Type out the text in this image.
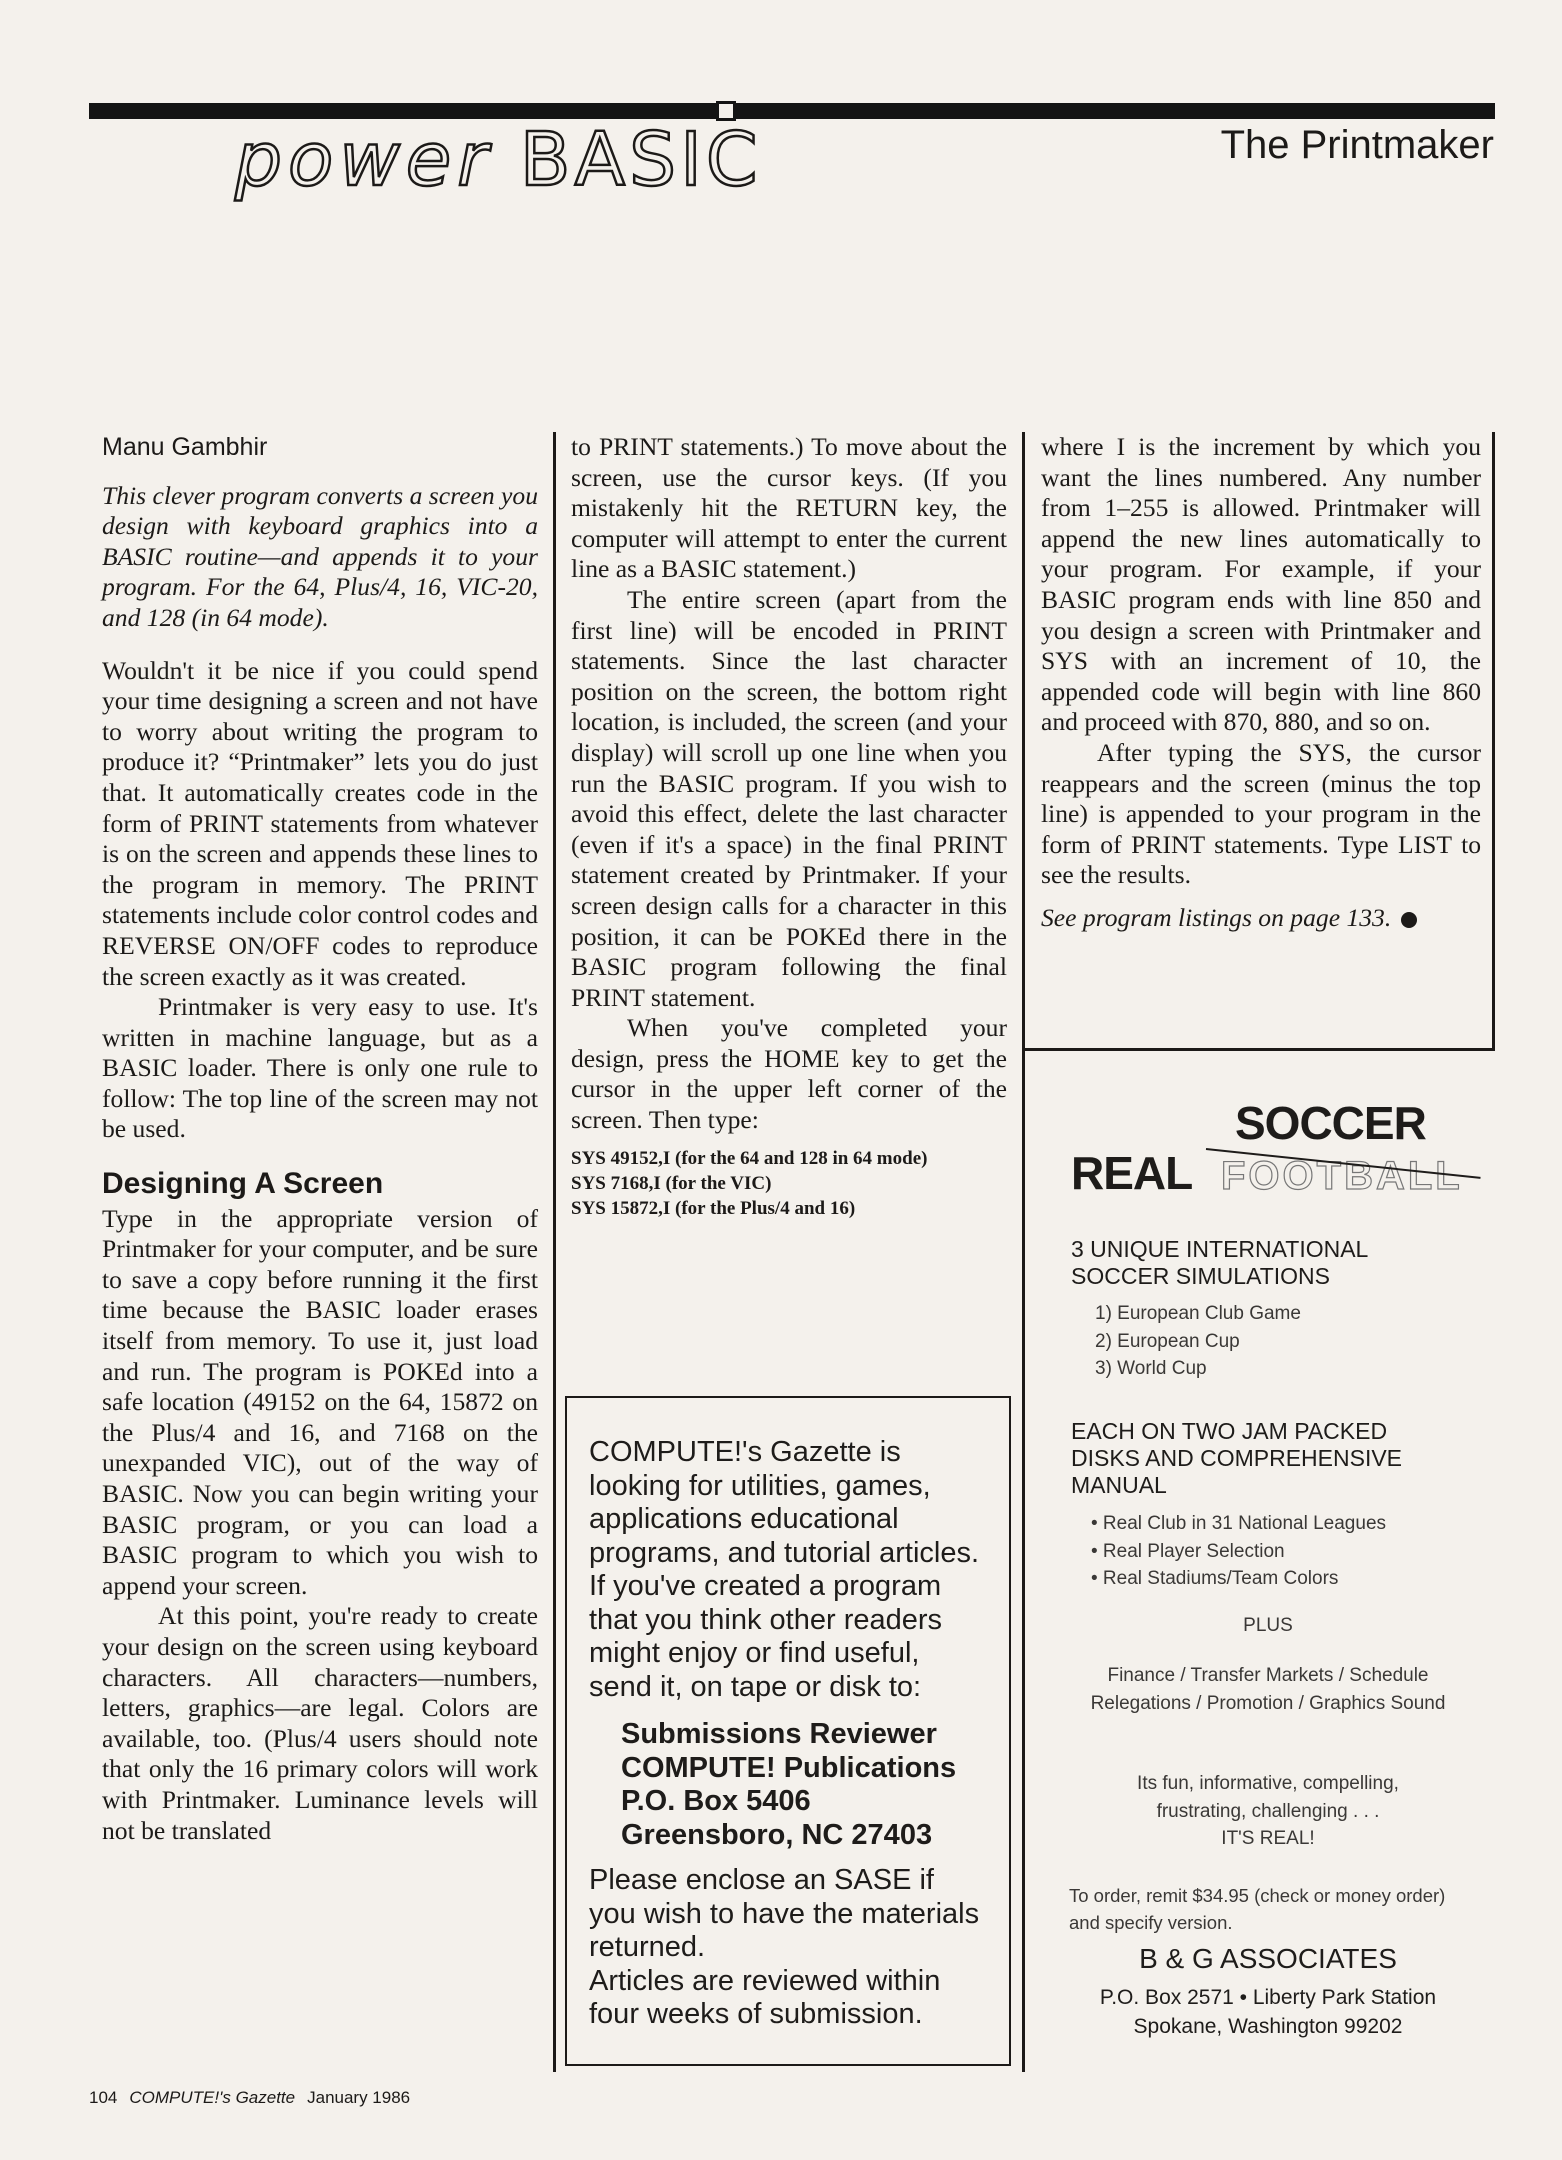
power BASIC	The Printmaker

Manu Gambhir

This clever program converts a screen you design with keyboard graphics into a BASIC routine—and appends it to your program. For the 64, Plus/4, 16, VIC-20, and 128 (in 64 mode).

Wouldn't it be nice if you could spend your time designing a screen and not have to worry about writing the program to produce it? “Printmaker” lets you do just that. It automatically creates code in the form of PRINT statements from whatever is on the screen and appends these lines to the program in memory. The PRINT statements include color control codes and REVERSE ON/OFF codes to reproduce the screen exactly as it was created.

Printmaker is very easy to use. It's written in machine language, but as a BASIC loader. There is only one rule to follow: The top line of the screen may not be used.

Designing A Screen

Type in the appropriate version of Printmaker for your computer, and be sure to save a copy before running it the first time because the BASIC loader erases itself from memory. To use it, just load and run. The program is POKEd into a safe location (49152 on the 64, 15872 on the Plus/4 and 16, and 7168 on the unexpanded VIC), out of the way of BASIC. Now you can begin writing your BASIC program, or you can load a BASIC program to which you wish to append your screen.

At this point, you're ready to create your design on the screen using keyboard characters. All characters—numbers, letters, graphics—are legal. Colors are available, too. (Plus/4 users should note that only the 16 primary colors will work with Printmaker. Luminance levels will not be translated

to PRINT statements.) To move about the screen, use the cursor keys. (If you mistakenly hit the RETURN key, the computer will attempt to enter the current line as a BASIC statement.)

The entire screen (apart from the first line) will be encoded in PRINT statements. Since the last character position on the screen, the bottom right location, is included, the screen (and your display) will scroll up one line when you run the BASIC program. If you wish to avoid this effect, delete the last character (even if it's a space) in the final PRINT statement created by Printmaker. If your screen design calls for a character in this position, it can be POKEd there in the BASIC program following the final PRINT statement.

When you've completed your design, press the HOME key to get the cursor in the upper left corner of the screen. Then type:

SYS 49152,I (for the 64 and 128 in 64 mode)
SYS 7168,I (for the VIC)
SYS 15872,I (for the Plus/4 and 16)

COMPUTE!'s Gazette is looking for utilities, games, applications educational programs, and tutorial articles. If you've created a program that you think other readers might enjoy or find useful, send it, on tape or disk to:

Submissions Reviewer
COMPUTE! Publications
P.O. Box 5406
Greensboro, NC 27403

Please enclose an SASE if you wish to have the materials returned.

Articles are reviewed within four weeks of submission.

where I is the increment by which you want the lines numbered. Any number from 1–255 is allowed. Printmaker will append the new lines automatically to your program. For example, if your BASIC program ends with line 850 and you design a screen with Printmaker and SYS with an increment of 10, the appended code will begin with line 860 and proceed with 870, 880, and so on.

After typing the SYS, the cursor reappears and the screen (minus the top line) is appended to your program in the form of PRINT statements. Type LIST to see the results.

See program listings on page 133.

SOCCER
REAL FOOTBALL
3 UNIQUE INTERNATIONAL SOCCER SIMULATIONS
1) European Club Game
2) European Cup
3) World Cup
EACH ON TWO JAM PACKED DISKS AND COMPREHENSIVE MANUAL
• Real Club in 31 National Leagues
• Real Player Selection
• Real Stadiums/Team Colors
PLUS
Finance / Transfer Markets / Schedule Relegations / Promotion / Graphics Sound
Its fun, informative, compelling, frustrating, challenging . . .
IT'S REAL!
To order, remit $34.95 (check or money order) and specify version.
B & G ASSOCIATES
P.O. Box 2571 • Liberty Park Station
Spokane, Washington 99202
104 COMPUTE!'s Gazette January 1986
